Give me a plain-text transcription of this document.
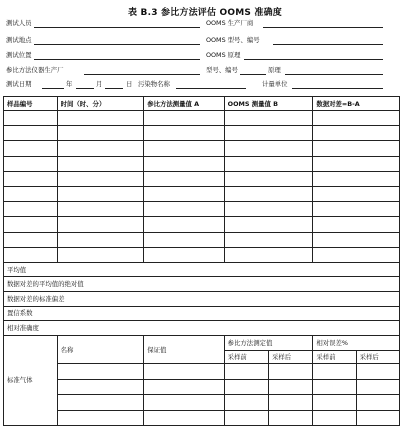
表 B.3 参比方法评估 OOMS 准确度
测试人员	OOMS 生产厂商
测试地点	OOMS 型号、编号
测试位置	OOMS 原理
参比方法仪器生产厂	型号、编号	原理
测试日期	年	月	日 污染物名称	计量单位
样品编号	时间（时、分）	参比方法测量值 A	OOMS 测量值 B		数据对差=B-A	

平均值						
数据对差的平均值的绝对值						
数据对差的标准偏差						
置信系数						
相对准确度						
标准气体	名称	保证值	参比方法测定值		相对误差%	
			采样前	采样后	采样前	采样后
